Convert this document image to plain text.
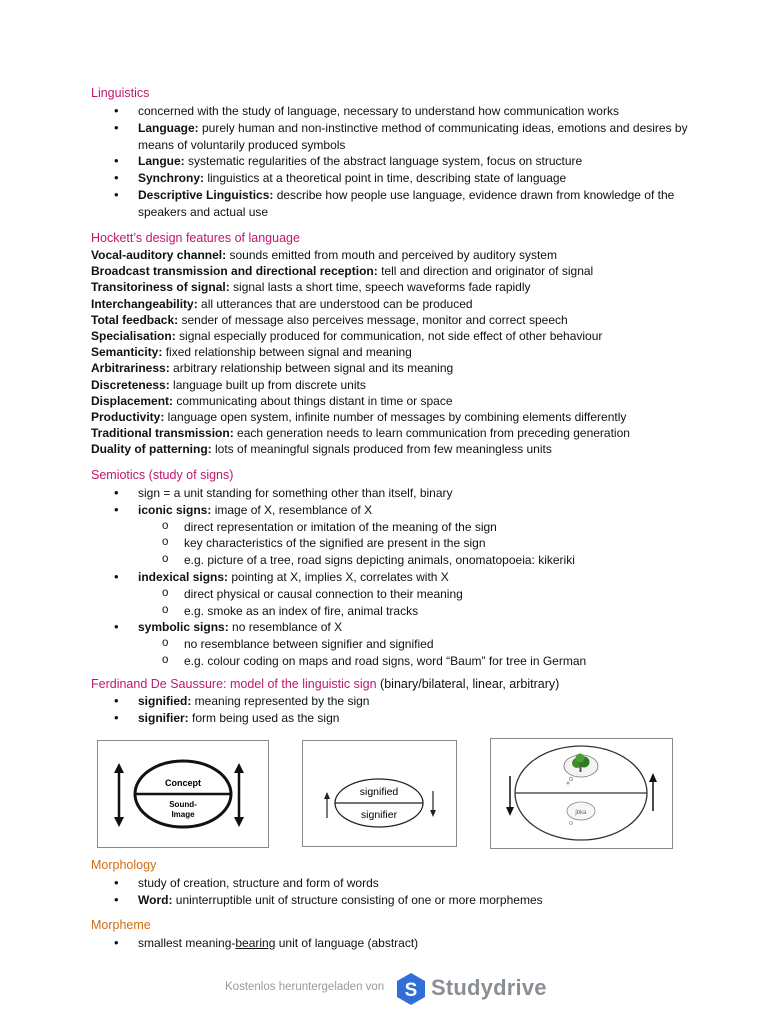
Linguistics
• concerned with the study of language, necessary to understand how communication works
• Language: purely human and non-instinctive method of communicating ideas, emotions and desires by means of voluntarily produced symbols
• Langue: systematic regularities of the abstract language system, focus on structure
• Synchrony: linguistics at a theoretical point in time, describing state of language
• Descriptive Linguistics: describe how people use language, evidence drawn from knowledge of the speakers and actual use
Hockett’s design features of language
Vocal-auditory channel: sounds emitted from mouth and perceived by auditory system
Broadcast transmission and directional reception: tell and direction and originator of signal
Transitoriness of signal: signal lasts a short time, speech waveforms fade rapidly
Interchangeability: all utterances that are understood can be produced
Total feedback: sender of message also perceives message, monitor and correct speech
Specialisation: signal especially produced for communication, not side effect of other behaviour
Semanticity: fixed relationship between signal and meaning
Arbitrariness: arbitrary relationship between signal and its meaning
Discreteness: language built up from discrete units
Displacement: communicating about things distant in time or space
Productivity: language open system, infinite number of messages by combining elements differently
Traditional transmission: each generation needs to learn communication from preceding generation
Duality of patterning: lots of meaningful signals produced from few meaningless units
Semiotics (study of signs)
• sign = a unit standing for something other than itself, binary
• iconic signs: image of X, resemblance of X
o direct representation or imitation of the meaning of the sign
o key characteristics of the signified are present in the sign
o e.g. picture of a tree, road signs depicting animals, onomatopoeia: kikeriki
• indexical signs: pointing at X, implies X, correlates with X
o direct physical or causal connection to their meaning
o e.g. smoke as an index of fire, animal tracks
• symbolic signs: no resemblance of X
o no resemblance between signifier and signified
o e.g. colour coding on maps and road signs, word “Baum” for tree in German
Ferdinand De Saussure: model of the linguistic sign (binary/bilateral, linear, arbitrary)
• signified: meaning represented by the sign
• signifier: form being used as the sign
Concept
Sound-
Image
signified
signifier	jbka
Morphology
• study of creation, structure and form of words
• Word: uninterruptible unit of structure consisting of one or more morphemes
Morpheme
• smallest meaning-bearing unit of language (abstract)
Kostenlos heruntergeladen von S Studydrive
